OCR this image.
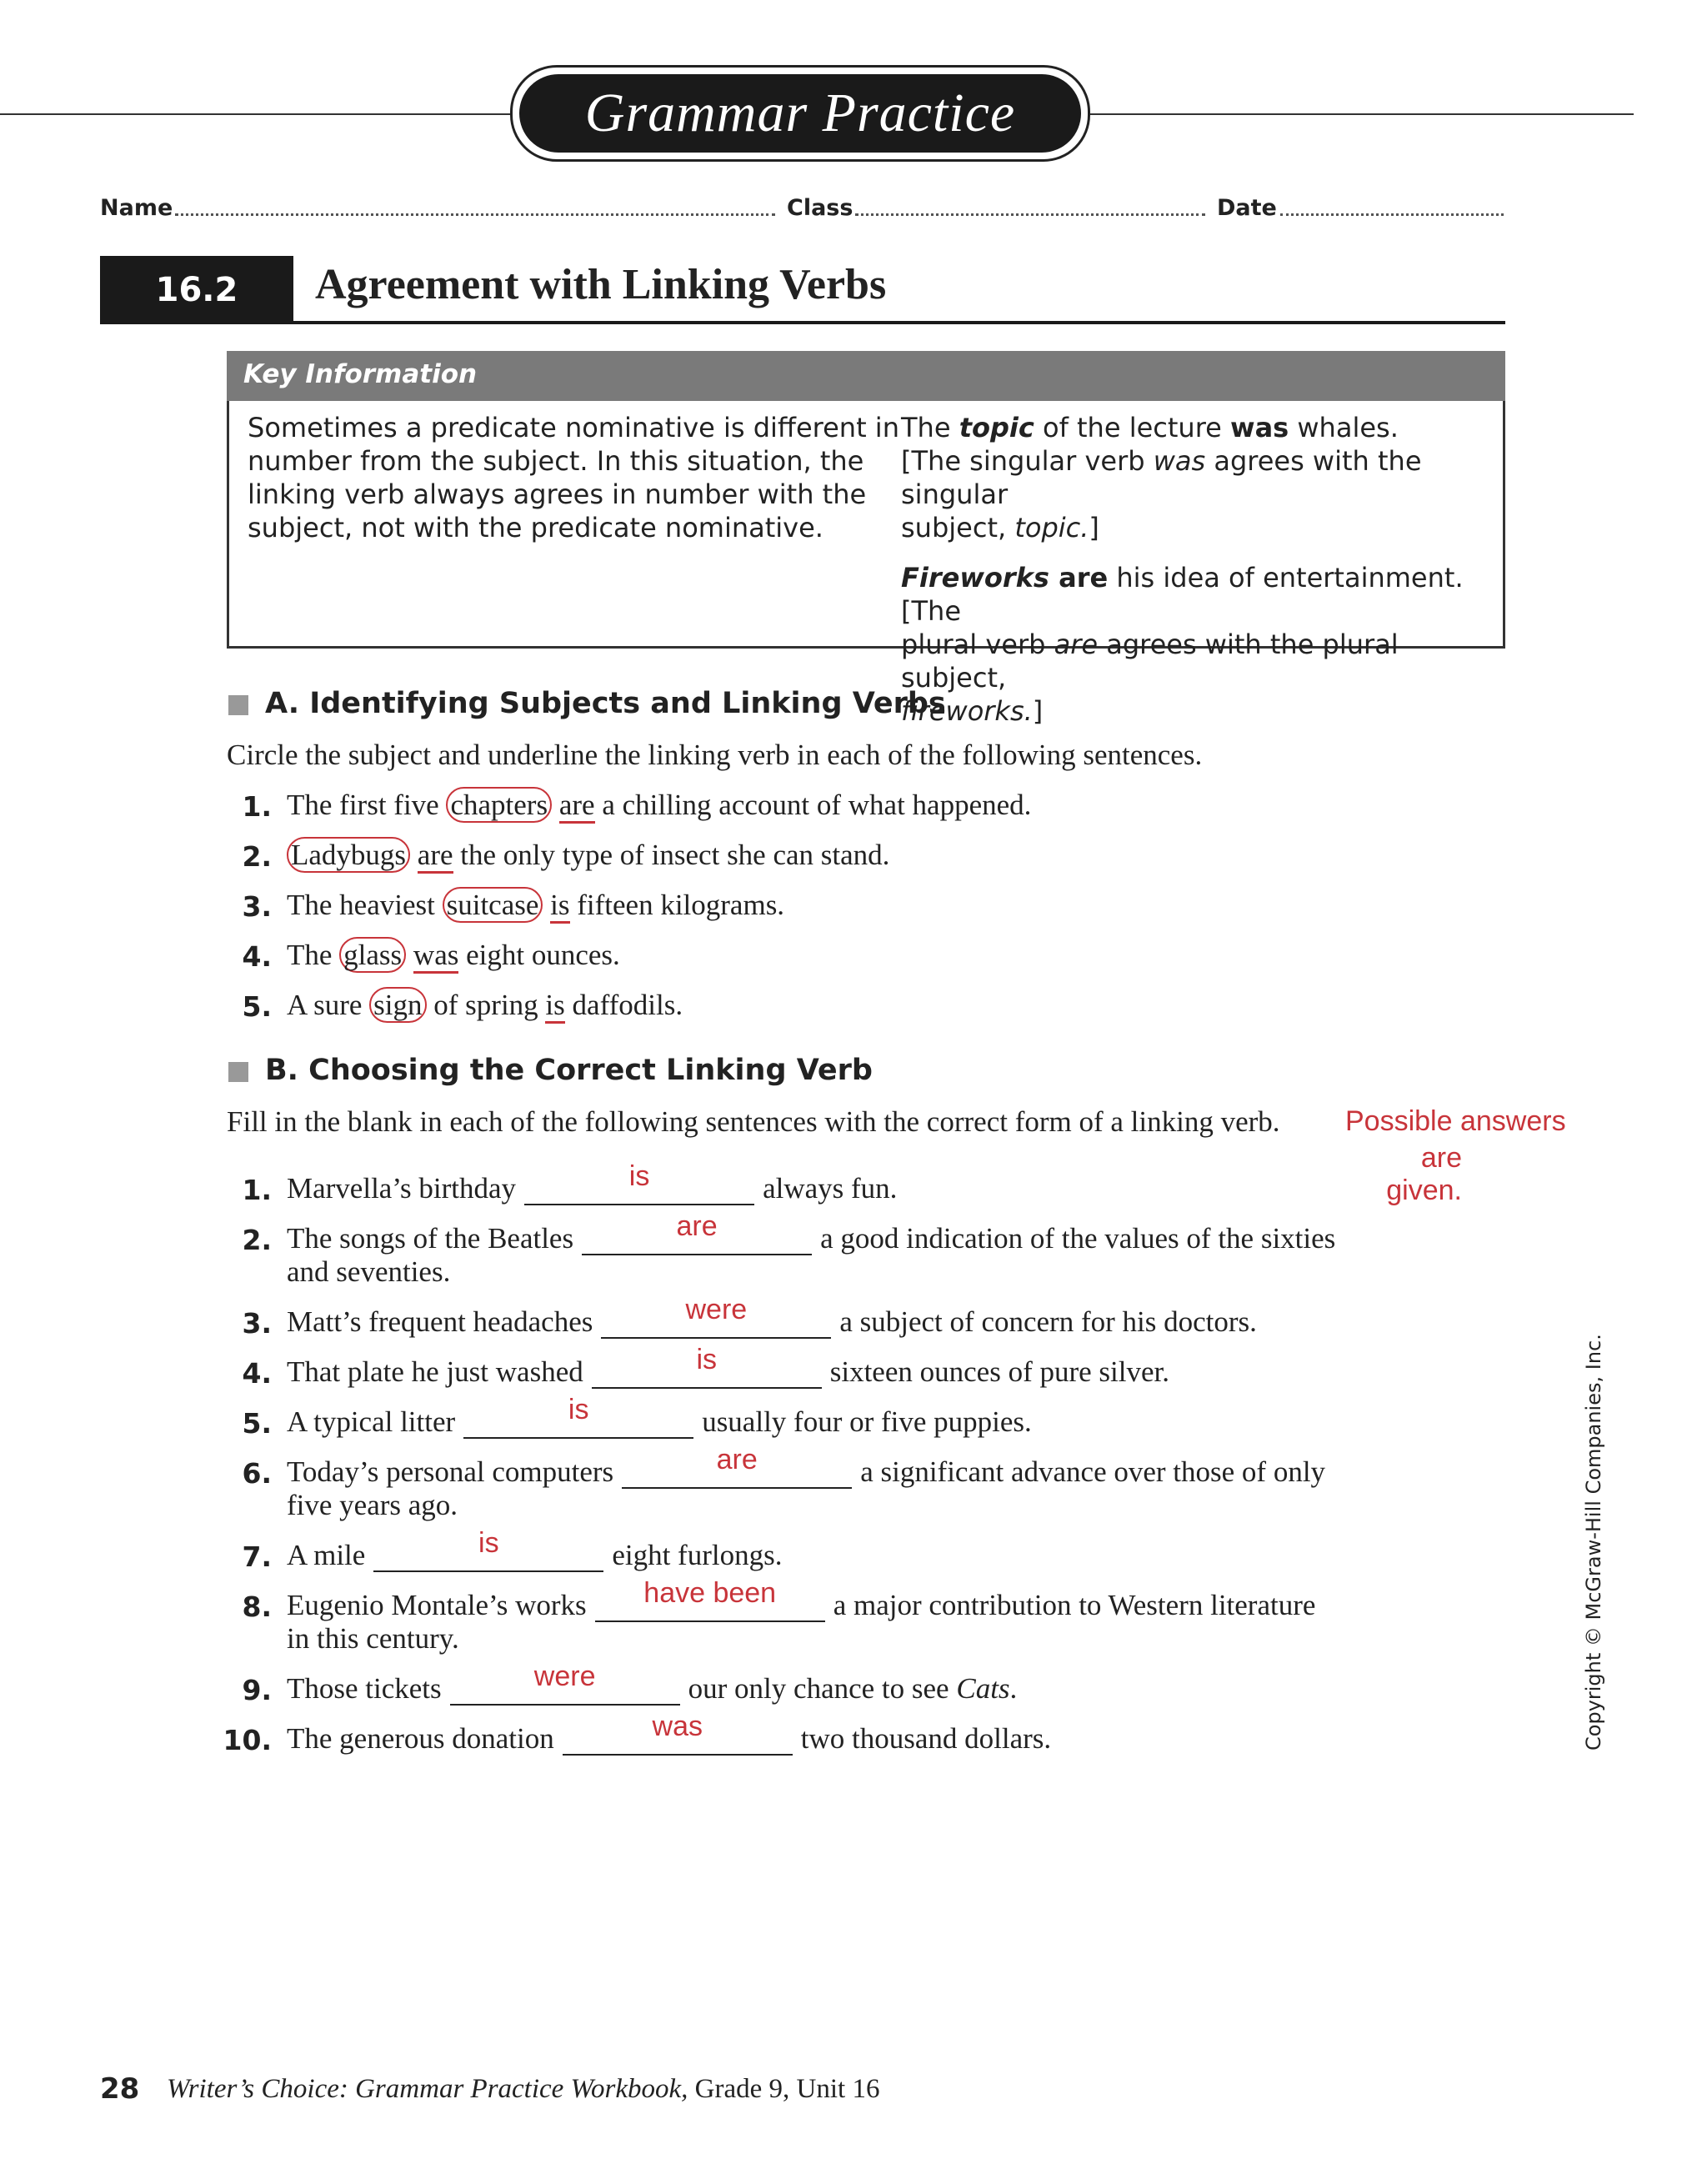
Grammar Practice
Name	Class	Date
16.2	Agreement with Linking Verbs
Key Information
Sometimes a predicate nominative is different in
number from the subject. In this situation, the
linking verb always agrees in number with the
subject, not with the predicate nominative.
The topic of the lecture was whales.
[The singular verb was agrees with the singular
subject, topic.]
Fireworks are his idea of entertainment. [The
plural verb are agrees with the plural subject,
fireworks.]
A. Identifying Subjects and Linking Verbs
Circle the subject and underline the linking verb in each of the following sentences.
1. The first five chapters are a chilling account of what happened.
2. Ladybugs are the only type of insect she can stand.
3. The heaviest suitcase is fifteen kilograms.
4. The glass was eight ounces.
5. A sure sign of spring is daffodils.
B. Choosing the Correct Linking Verb
Fill in the blank in each of the following sentences with the correct form of a linking verb. Possible answers
are given.
1. Marvella’s birthday	is	always fun.
2. The songs of the Beatles	are	a good indication of the values of the sixties
and seventies.
3. Matt’s frequent headaches	were	a subject of concern for his doctors.
4. That plate he just washed	is	sixteen ounces of pure silver.
5. A typical litter	is	usually four or five puppies.
6. Today’s personal computers	are	a significant advance over those of only
five years ago.
7. A mile	is	eight furlongs.
8. Eugenio Montale’s works	have been	a major contribution to Western literature
in this century.
9. Those tickets	were	our only chance to see Cats.
10. The generous donation	was	two thousand dollars.
28 Writer’s Choice: Grammar Practice Workbook, Grade 9, Unit 16
Copyright © McGraw-Hill Companies, Inc.
